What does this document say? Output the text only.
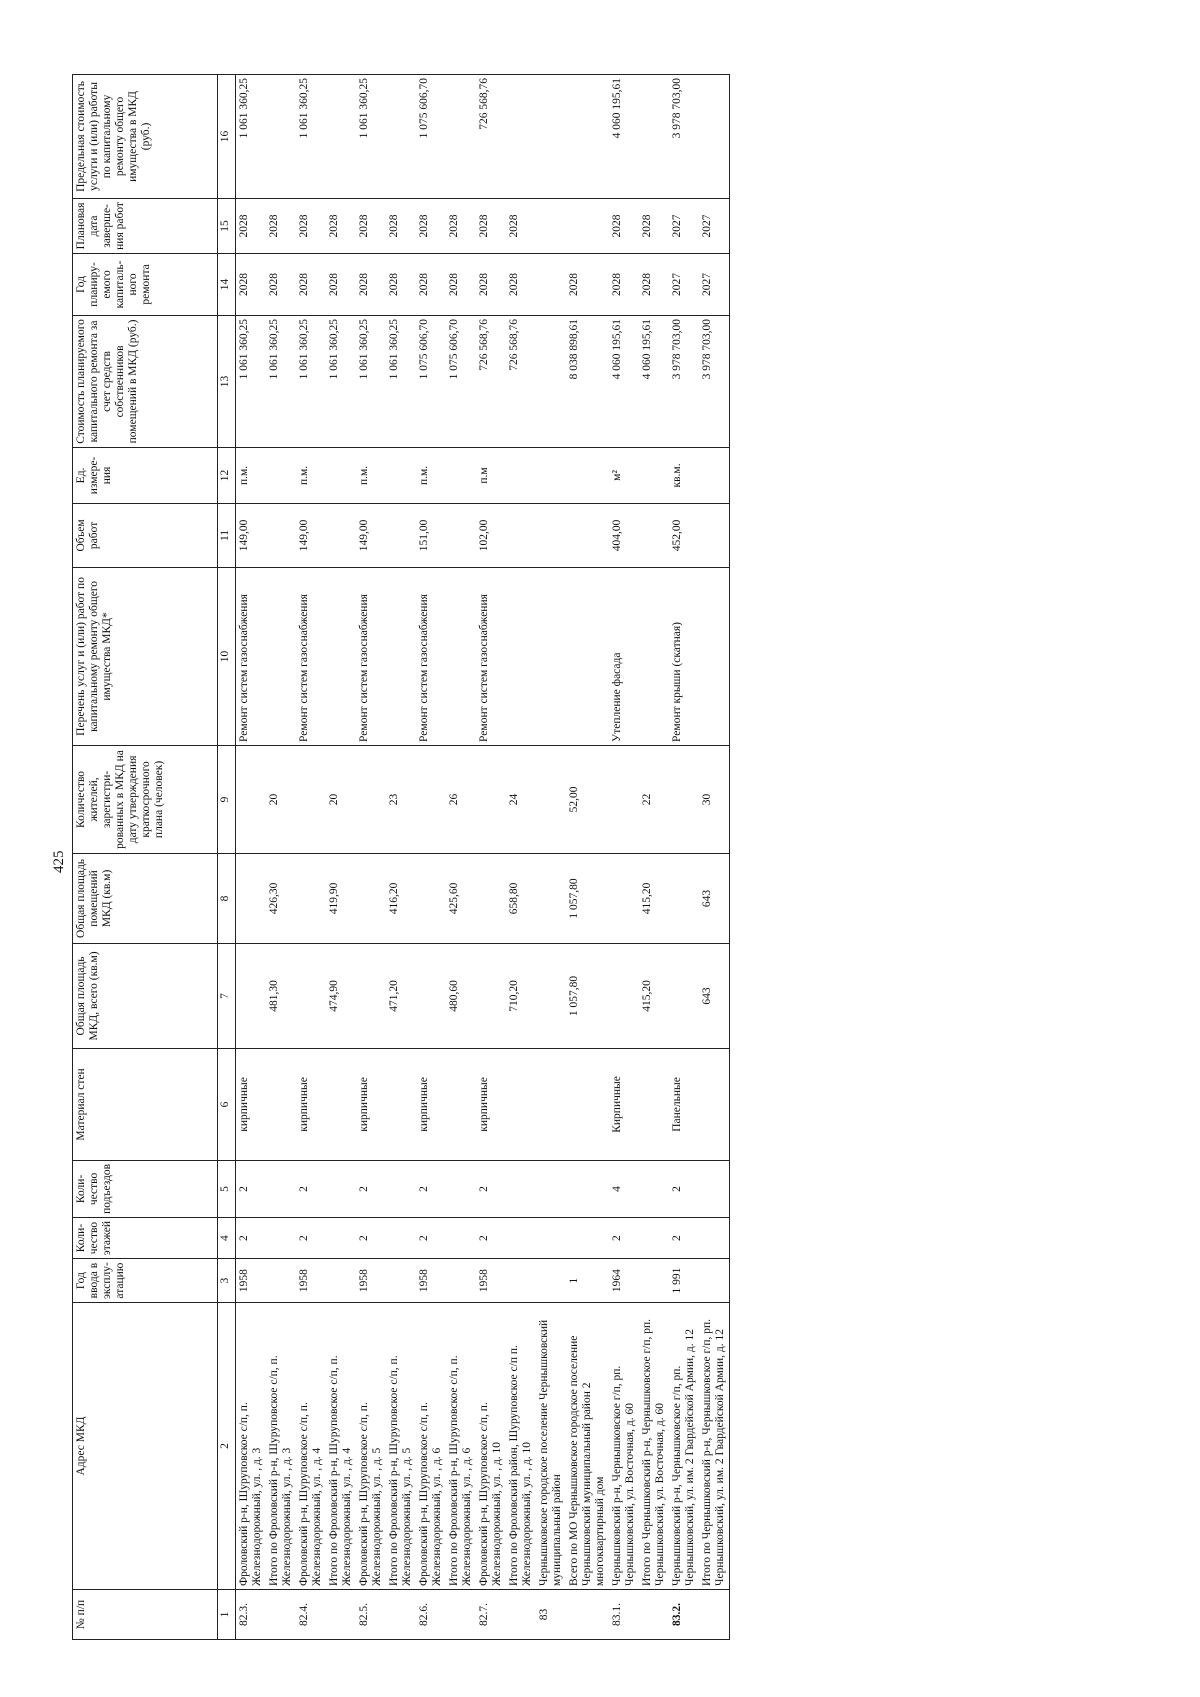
425
№ п/п	Адрес МКД	Год ввода в эксплу-атацию	Коли-чество этажей	Коли-чество подъездов	Материал стен	Общая площадь МКД, всего (кв.м)	Общая площадь помещений МКД (кв.м)	Количество жителей, зарегистри-рованных в МКД на дату утверждения краткосрочного плана (человек)	Перечень услуг и (или) работ по капитальному ремонту общего имущества МКД*	Объем работ	Ед. измере-ния	Стоимость планируемого капитального ремонта за счет средств собственников помещений в МКД (руб.)	Год планиру-емого капиталь-ного ремонта	Плановая дата заверше-ния работ	Предельная стоимость услуги и (или) работы по капитальному ремонту общего имущества в МКД (руб.)
1	2	3	4	5	6	7	8	9	10	11	12	13	14	15	16
82.3.	Фроловский р-н, Шуруповское с/п, п. Железнодорожный, ул. , д. 3	1958	2	2	кирпичные				Ремонт систем газоснабжения	149,00	п.м.	1 061 360,25	2028	2028	1 061 360,25
	Итого по Фроловский р-н, Шуруповское с/п, п. Железнодорожный, ул. , д. 3					481,30	426,30	20				1 061 360,25	2028	2028	
82.4.	Фроловский р-н, Шуруповское с/п, п. Железнодорожный, ул. , д. 4	1958	2	2	кирпичные				Ремонт систем газоснабжения	149,00	п.м.	1 061 360,25	2028	2028	1 061 360,25
	Итого по Фроловский р-н, Шуруповское с/п, п. Железнодорожный, ул. , д. 4					474,90	419,90	20				1 061 360,25	2028	2028	
82.5.	Фроловский р-н, Шуруповское с/п, п. Железнодорожный, ул. , д. 5	1958	2	2	кирпичные				Ремонт систем газоснабжения	149,00	п.м.	1 061 360,25	2028	2028	1 061 360,25
	Итого по Фроловский р-н, Шуруповское с/п, п. Железнодорожный, ул. , д. 5					471,20	416,20	23				1 061 360,25	2028	2028	
82.6.	Фроловский р-н, Шуруповское с/п, п. Железнодорожный, ул. , д. 6	1958	2	2	кирпичные				Ремонт систем газоснабжения	151,00	п.м.	1 075 606,70	2028	2028	1 075 606,70
	Итого по Фроловский р-н, Шуруповское с/п, п. Железнодорожный, ул. , д. 6					480,60	425,60	26				1 075 606,70	2028	2028	
82.7.	Фроловский р-н, Шуруповское с/п, п. Железнодорожный, ул. , д. 10	1958	2	2	кирпичные				Ремонт систем газоснабжения	102,00	п.м	726 568,76	2028	2028	726 568,76
	Итого по Фроловский район, Шуруповское с/п п. Железнодорожный, ул. , д. 10					710,20	658,80	24				726 568,76	2028	2028	
83	Чернышковское городское поселение Чернышковский муниципальный район														
	Всего по МО Чернышковское городское поселение Чернышковский муниципальный район 2 многоквартирный дом	1				1 057,80	1 057,80	52,00				8 038 898,61	2028		
83.1.	Чернышковский р-н, Чернышковское г/п, рп. Чернышковский, ул. Восточная, д. 60	1964	2	4	Кирпичные				Утепление фасада	404,00	м²	4 060 195,61	2028	2028	4 060 195,61
	Итого по Чернышковский р-н, Чернышковское г/п, рп. Чернышковский, ул. Восточная, д. 60					415,20	415,20	22				4 060 195,61	2028	2028	
83.2.	Чернышковский р-н, Чернышковское г/п, рп. Чернышковский, ул. им. 2 Гвардейской Армии, д. 12	1 991	2	2	Панельные				Ремонт крыши (скатная)	452,00	кв.м.	3 978 703,00	2027	2027	3 978 703,00
	Итого по Чернышковский р-н, Чернышковское г/п, рп. Чернышковский, ул. им. 2 Гвардейской Армии, д. 12					643	643	30				3 978 703,00	2027	2027	
